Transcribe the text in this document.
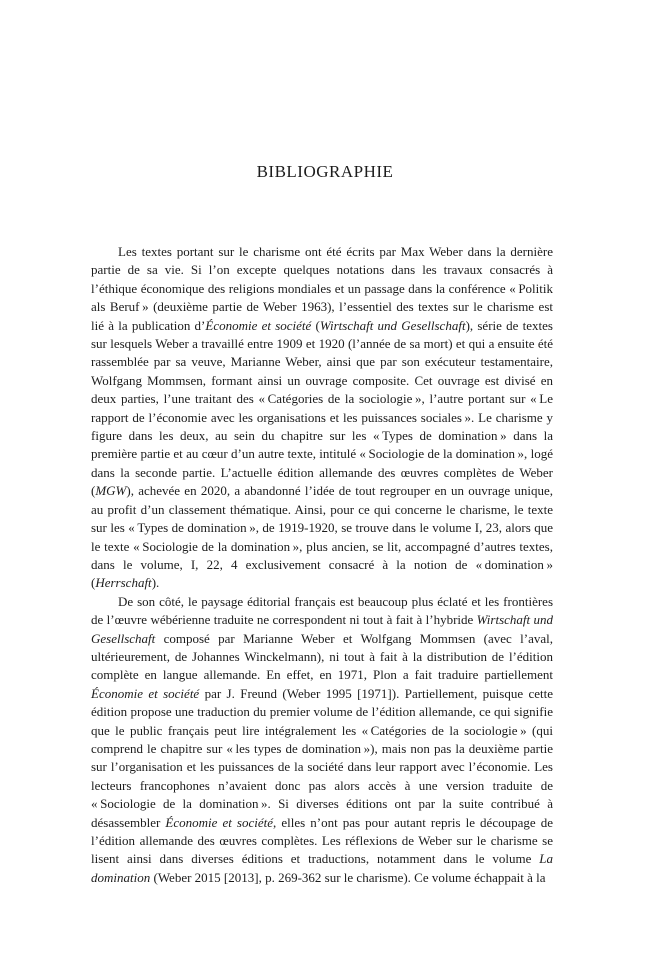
BIBLIOGRAPHIE

Les textes portant sur le charisme ont été écrits par Max Weber dans la dernière partie de sa vie. Si l’on excepte quelques notations dans les travaux consacrés à l’éthique économique des religions mondiales et un passage dans la conférence « Politik als Beruf » (deuxième partie de Weber 1963), l’essentiel des textes sur le charisme est lié à la publication d’Économie et société (Wirtschaft und Gesellschaft), série de textes sur lesquels Weber a travaillé entre 1909 et 1920 (l’année de sa mort) et qui a ensuite été rassemblée par sa veuve, Marianne Weber, ainsi que par son exécuteur testamentaire, Wolfgang Mommsen, formant ainsi un ouvrage composite. Cet ouvrage est divisé en deux parties, l’une traitant des « Catégories de la sociologie », l’autre portant sur « Le rapport de l’économie avec les organisations et les puissances sociales ». Le charisme y figure dans les deux, au sein du chapitre sur les « Types de domination » dans la première partie et au cœur d’un autre texte, intitulé « Sociologie de la domination », logé dans la seconde partie. L’actuelle édition allemande des œuvres complètes de Weber (MGW), achevée en 2020, a abandonné l’idée de tout regrouper en un ouvrage unique, au profit d’un classement thématique. Ainsi, pour ce qui concerne le charisme, le texte sur les « Types de domination », de 1919-1920, se trouve dans le volume I, 23, alors que le texte « Sociologie de la domination », plus ancien, se lit, accompagné d’autres textes, dans le volume, I, 22, 4 exclusivement consacré à la notion de « domination » (Herrschaft).

De son côté, le paysage éditorial français est beaucoup plus éclaté et les frontières de l’œuvre wébérienne traduite ne correspondent ni tout à fait à l’hybride Wirtschaft und Gesellschaft composé par Marianne Weber et Wolfgang Mommsen (avec l’aval, ultérieurement, de Johannes Winckelmann), ni tout à fait à la distribution de l’édition complète en langue allemande. En effet, en 1971, Plon a fait traduire partiellement Économie et société par J. Freund (Weber 1995 [1971]). Partiellement, puisque cette édition propose une traduction du premier volume de l’édition allemande, ce qui signifie que le public français peut lire intégralement les « Catégories de la sociologie » (qui comprend le chapitre sur « les types de domination »), mais non pas la deuxième partie sur l’organisation et les puissances de la société dans leur rapport avec l’économie. Les lecteurs francophones n’avaient donc pas alors accès à une version traduite de « Sociologie de la domination ». Si diverses éditions ont par la suite contribué à désassembler Économie et société, elles n’ont pas pour autant repris le découpage de l’édition allemande des œuvres complètes. Les réflexions de Weber sur le charisme se lisent ainsi dans diverses éditions et traductions, notamment dans le volume La domination (Weber 2015 [2013], p. 269-362 sur le charisme). Ce volume échappait à la
